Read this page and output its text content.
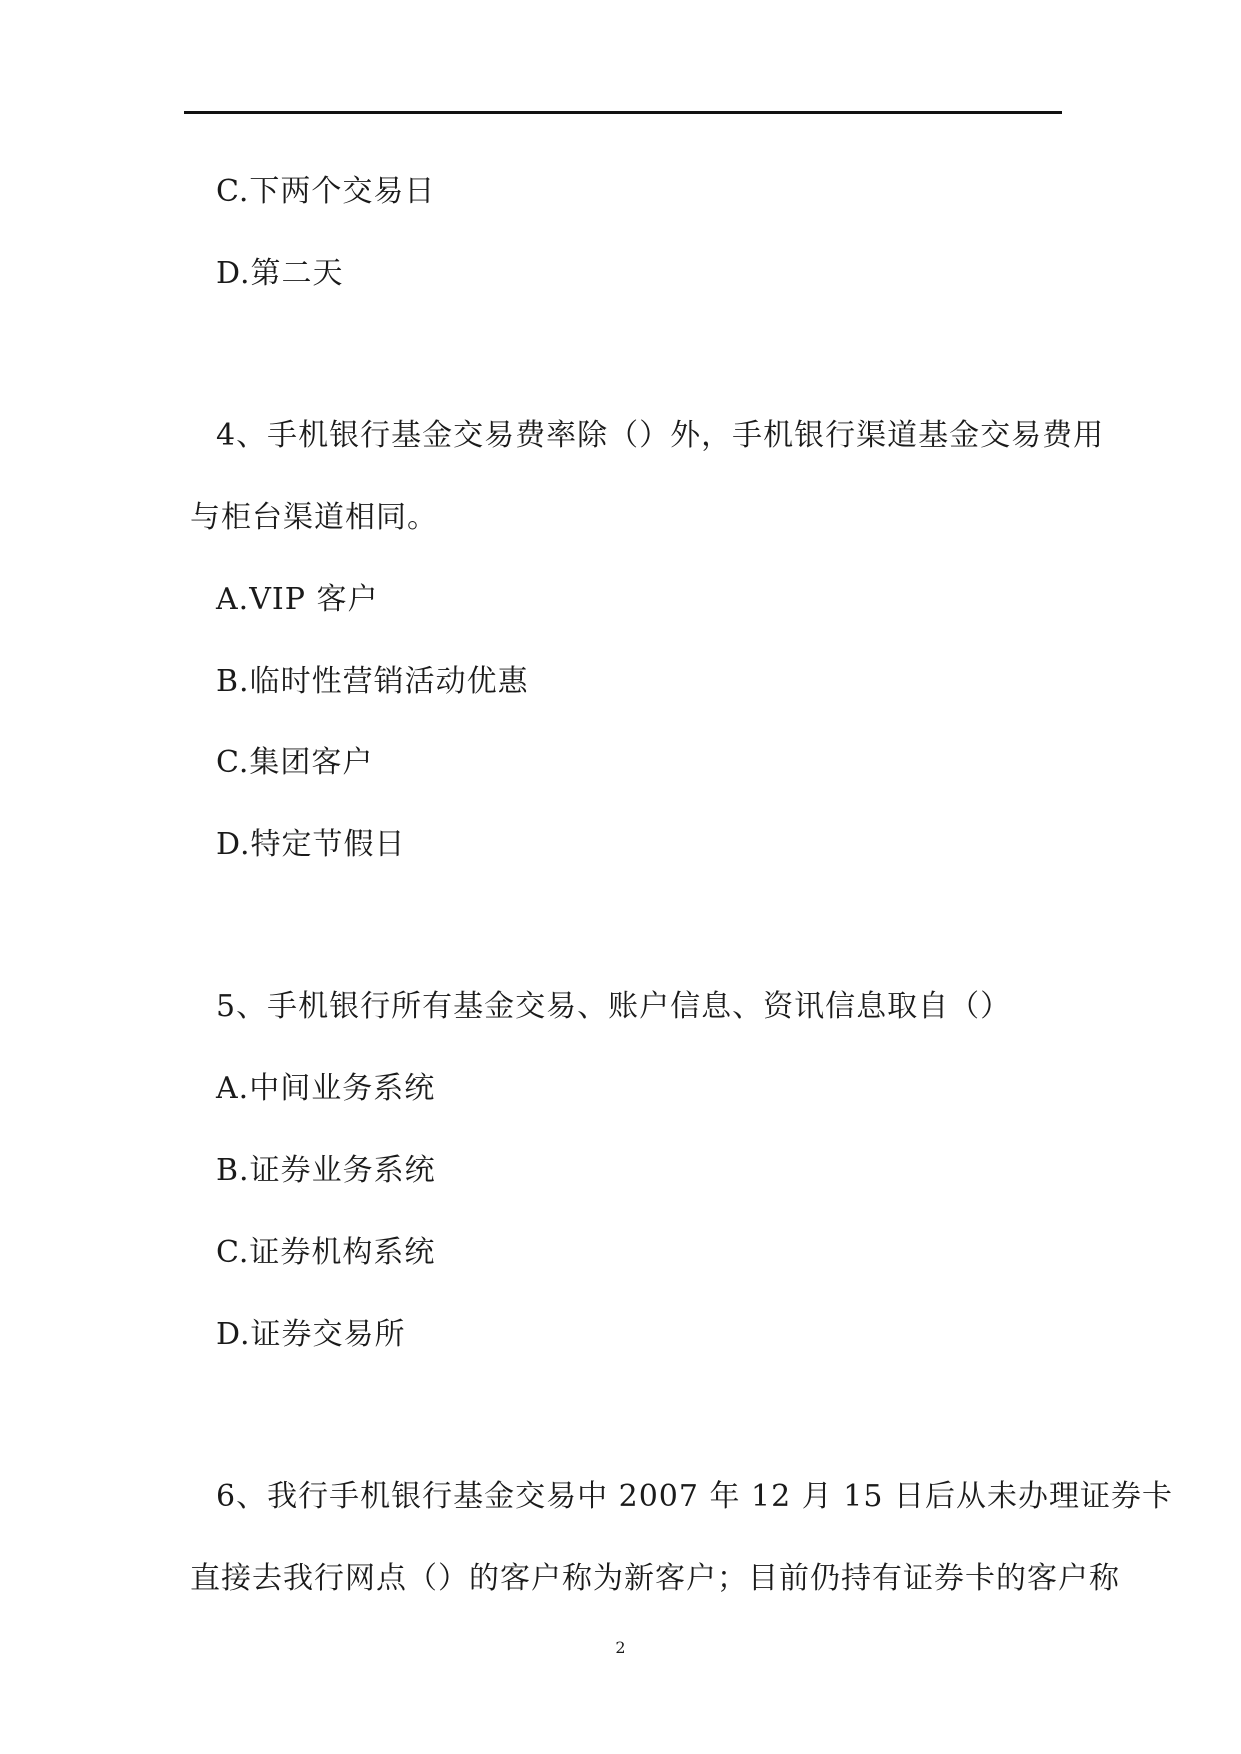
C.下两个交易日
D.第二天
4、手机银行基金交易费率除（）外，手机银行渠道基金交易费用
与柜台渠道相同。
A.VIP 客户
B.临时性营销活动优惠
C.集团客户
D.特定节假日
5、手机银行所有基金交易、账户信息、资讯信息取自（）
A.中间业务系统
B.证券业务系统
C.证券机构系统
D.证券交易所
6、我行手机银行基金交易中 2007 年 12 月 15 日后从未办理证券卡
直接去我行网点（）的客户称为新客户；目前仍持有证券卡的客户称
2
